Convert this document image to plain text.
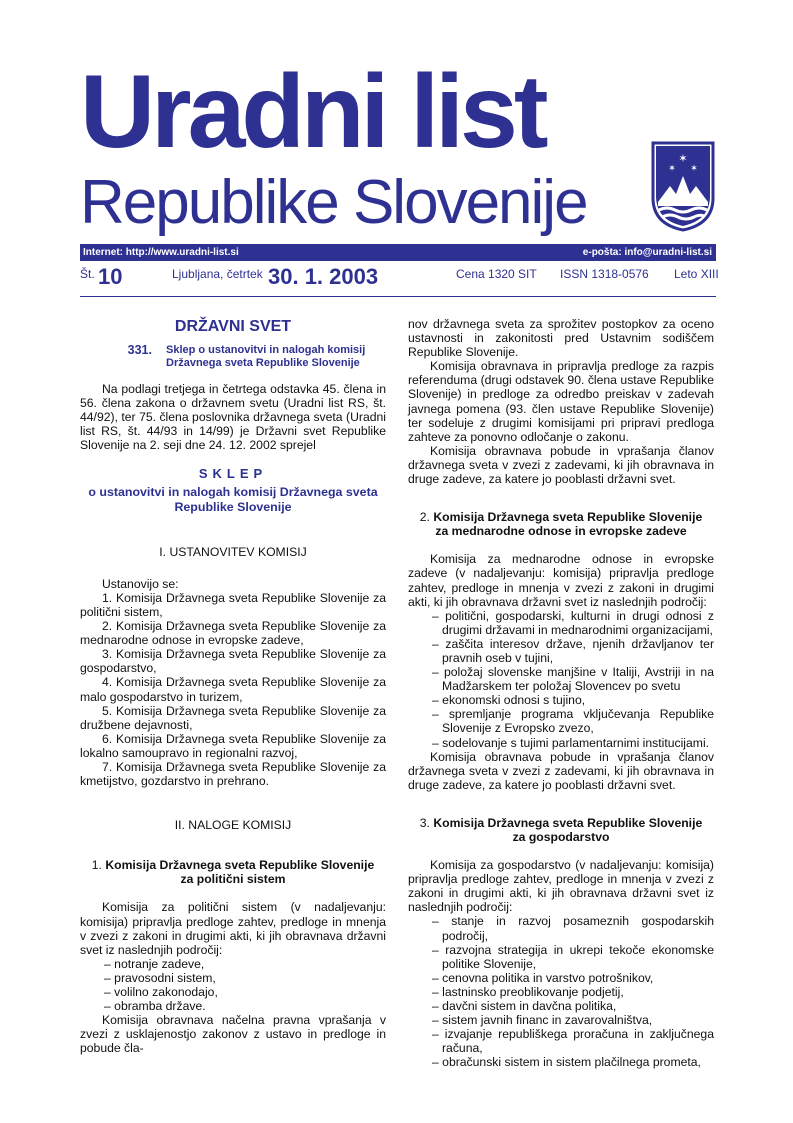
Uradni list
Republike Slovenije
✶
✶ ✶
Internet: http://www.uradni-list.si	e-pošta: info@uradni-list.si
Št. 10	Ljubljana, četrtek 30. 1. 2003	Cena 1320 SIT ISSN 1318-0576 Leto XIII
DRŽAVNI SVET
331.	Sklep o ustanovitvi in nalogah komisij
Državnega sveta Republike Slovenije

Na podlagi tretjega in četrtega odstavka 45. člena in 56. člena zakona o državnem svetu (Uradni list RS, št. 44/92), ter 75. člena poslovnika državnega sveta (Uradni list RS, št. 44/93 in 14/99) je Državni svet Republike Slovenije na 2. seji dne 24. 12. 2002 sprejel

SKLEP
o ustanovitvi in nalogah komisij Državnega sveta Republike Slovenije
I. USTANOVITEV KOMISIJ

Ustanovijo se:

1. Komisija Državnega sveta Republike Slovenije za politični sistem,

2. Komisija Državnega sveta Republike Slovenije za mednarodne odnose in evropske zadeve,

3. Komisija Državnega sveta Republike Slovenije za gospodarstvo,

4. Komisija Državnega sveta Republike Slovenije za malo gospodarstvo in turizem,

5. Komisija Državnega sveta Republike Slovenije za družbene dejavnosti,

6. Komisija Državnega sveta Republike Slovenije za lokalno samoupravo in regionalni razvoj,

7. Komisija Državnega sveta Republike Slovenije za kmetijstvo, gozdarstvo in prehrano.

II. NALOGE KOMISIJ
1. Komisija Državnega sveta Republike Slovenije
za politični sistem

Komisija za politični sistem (v nadaljevanju: komisija) pripravlja predloge zahtev, predloge in mnenja v zvezi z zakoni in drugimi akti, ki jih obravnava državni svet iz naslednjih področij:

– notranje zadeve,

– pravosodni sistem,

– volilno zakonodajo,

– obramba države.

Komisija obravnava načelna pravna vprašanja v zvezi z usklajenostjo zakonov z ustavo in predloge in pobude čla-

nov državnega sveta za sprožitev postopkov za oceno ustavnosti in zakonitosti pred Ustavnim sodiščem Republike Slovenije.

Komisija obravnava in pripravlja predloge za razpis referenduma (drugi odstavek 90. člena ustave Republike Slovenije) in predloge za odredbo preiskav v zadevah javnega pomena (93. člen ustave Republike Slovenije) ter sodeluje z drugimi komisijami pri pripravi predloga zahteve za ponovno odločanje o zakonu.

Komisija obravnava pobude in vprašanja članov državnega sveta v zvezi z zadevami, ki jih obravnava in druge zadeve, za katere jo pooblasti državni svet.

2. Komisija Državnega sveta Republike Slovenije
za mednarodne odnose in evropske zadeve

Komisija za mednarodne odnose in evropske zadeve (v nadaljevanju: komisija) pripravlja predloge zahtev, predloge in mnenja v zvezi z zakoni in drugimi akti, ki jih obravnava državni svet iz naslednjih področij:

– politični, gospodarski, kulturni in drugi odnosi z drugimi državami in mednarodnimi organizacijami,

– zaščita interesov države, njenih državljanov ter pravnih oseb v tujini,

– položaj slovenske manjšine v Italiji, Avstriji in na Madžarskem ter položaj Slovencev po svetu

– ekonomski odnosi s tujino,

– spremljanje programa vključevanja Republike Slovenije z Evropsko zvezo,

– sodelovanje s tujimi parlamentarnimi institucijami.

Komisija obravnava pobude in vprašanja članov državnega sveta v zvezi z zadevami, ki jih obravnava in druge zadeve, za katere jo pooblasti državni svet.

3. Komisija Državnega sveta Republike Slovenije
za gospodarstvo

Komisija za gospodarstvo (v nadaljevanju: komisija) pripravlja predloge zahtev, predloge in mnenja v zvezi z zakoni in drugimi akti, ki jih obravnava državni svet iz naslednjih področij:

– stanje in razvoj posameznih gospodarskih področij,

– razvojna strategija in ukrepi tekoče ekonomske politike Slovenije,

– cenovna politika in varstvo potrošnikov,

– lastninsko preoblikovanje podjetij,

– davčni sistem in davčna politika,

– sistem javnih financ in zavarovalništva,

– izvajanje republiškega proračuna in zaključnega računa,

– obračunski sistem in sistem plačilnega prometa,
